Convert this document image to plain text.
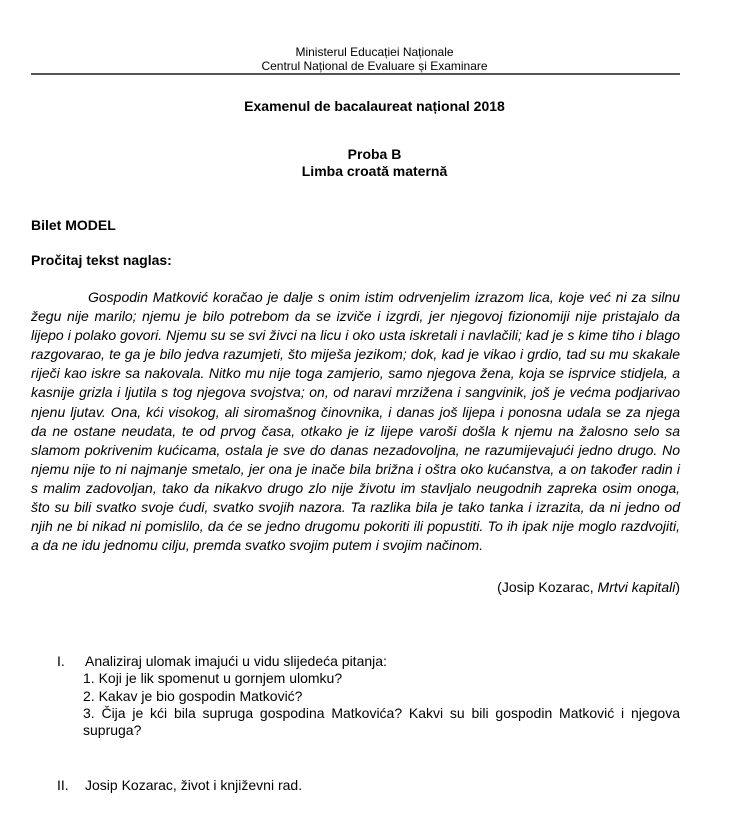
Ministerul Educației Naționale
Centrul Național de Evaluare și Examinare
Examenul de bacalaureat național 2018
Proba B
Limba croată maternă
Bilet MODEL
Pročitaj tekst naglas:
Gospodin Matković koračao je dalje s onim istim odrvenjelim izrazom lica, koje već ni za silnu žegu nije marilo; njemu je bilo potrebom da se izviče i izgrdi, jer njegovoj fizionomiji nije pristajalo da lijepo i polako govori. Njemu su se svi živci na licu i oko usta iskretali i navlačili; kad je s kime tiho i blago razgovarao, te ga je bilo jedva razumjeti, što miješa jezikom; dok, kad je vikao i grdio, tad su mu skakale riječi kao iskre sa nakovala. Nitko mu nije toga zamjerio, samo njegova žena, koja se isprvice stidjela, a kasnije grizla i ljutila s tog njegova svojstva; on, od naravi mrzižena i sangvinik, još je većma podjarivao njenu ljutav. Ona, kći visokog, ali siromašnog činovnika, i danas još lijepa i ponosna udala se za njega da ne ostane neudata, te od prvog časa, otkako je iz lijepe varoši došla k njemu na žalosno selo sa slamom pokrivenim kućicama, ostala je sve do danas nezadovoljna, ne razumijevajući jedno drugo. No njemu nije to ni najmanje smetalo, jer ona je inače bila brižna i oštra oko kućanstva, a on također radin i s malim zadovoljan, tako da nikakvo drugo zlo nije životu im stavljalo neugodnih zapreka osim onoga, što su bili svatko svoje ćudi, svatko svojih nazora. Ta razlika bila je tako tanka i izrazita, da ni jedno od njih ne bi nikad ni pomislilo, da će se jedno drugomu pokoriti ili popustiti. To ih ipak nije moglo razdvojiti, a da ne idu jednomu cilju, premda svatko svojim putem i svojim načinom.
(Josip Kozarac, Mrtvi kapitali)
I. Analiziraj ulomak imajući u vidu slijedeća pitanja:
1. Koji je lik spomenut u gornjem ulomku?
2. Kakav je bio gospodin Matković?
3. Čija je kći bila supruga gospodina Matkovića? Kakvi su bili gospodin Matković i njegova supruga?
II. Josip Kozarac, život i književni rad.
